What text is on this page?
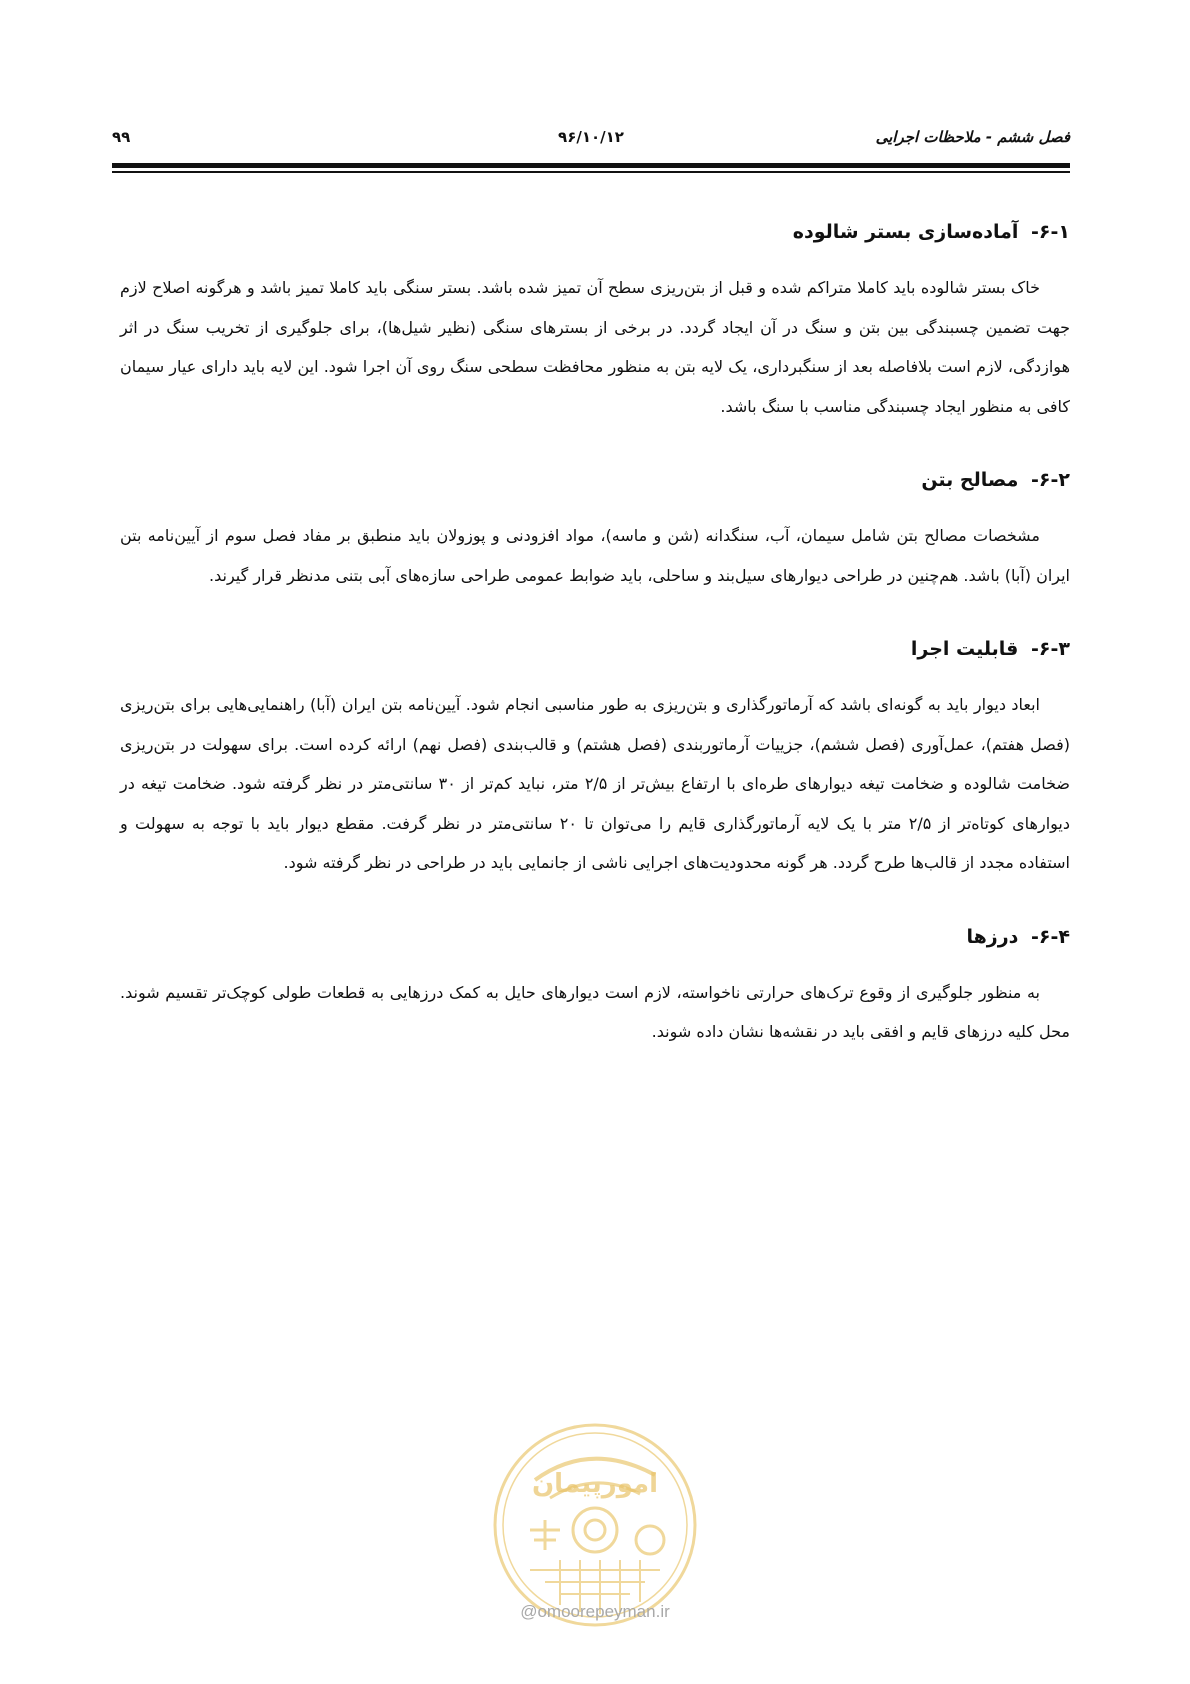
فصل ششم - ملاحظات اجرایی
۹۶/۱۰/۱۲
۹۹
۶-۱- آماده‌سازی بستر شالوده

خاک بستر شالوده باید کاملا متراکم شده و قبل از بتن‌ریزی سطح آن تمیز شده باشد. بستر سنگی باید کاملا تمیز باشد و هرگونه اصلاح لازم جهت تضمین چسبندگی بین بتن و سنگ در آن ایجاد گردد. در برخی از بسترهای سنگی (نظیر شیل‌ها)، برای جلوگیری از تخریب سنگ در اثر هوازدگی، لازم است بلافاصله بعد از سنگبرداری، یک لایه بتن به منظور محافظت سطحی سنگ روی آن اجرا شود. این لایه باید دارای عیار سیمان کافی به منظور ایجاد چسبندگی مناسب با سنگ باشد.

۶-۲- مصالح بتن

مشخصات مصالح بتن شامل سیمان، آب، سنگدانه (شن و ماسه)، مواد افزودنی و پوزولان باید منطبق بر مفاد فصل سوم از آیین‌نامه بتن ایران (آبا) باشد. هم‌چنین در طراحی دیوارهای سیل‌بند و ساحلی، باید ضوابط عمومی طراحی سازه‌های آبی بتنی مدنظر قرار گیرند.

۶-۳- قابلیت اجرا

ابعاد دیوار باید به گونه‌ای باشد که آرماتورگذاری و بتن‌ریزی به طور مناسبی انجام شود. آیین‌نامه بتن ایران (آبا) راهنمایی‌هایی برای بتن‌ریزی (فصل هفتم)، عمل‌آوری (فصل ششم)، جزییات آرماتوربندی (فصل هشتم) و قالب‌بندی (فصل نهم) ارائه کرده است. برای سهولت در بتن‌ریزی ضخامت شالوده و ضخامت تیغه دیوارهای طره‌ای با ارتفاع بیش‌تر از ۲/۵ متر، نباید کم‌تر از ۳۰ سانتی‌متر در نظر گرفته شود. ضخامت تیغه در دیوارهای کوتاه‌تر از ۲/۵ متر با یک لایه آرماتورگذاری قایم را می‌توان تا ۲۰ سانتی‌متر در نظر گرفت. مقطع دیوار باید با توجه به سهولت و استفاده مجدد از قالب‌ها طرح گردد. هر گونه محدودیت‌های اجرایی ناشی از جانمایی باید در طراحی در نظر گرفته شود.

۶-۴- درزها

به منظور جلوگیری از وقوع ترک‌های حرارتی ناخواسته، لازم است دیوارهای حایل به کمک درزهایی به قطعات طولی کوچک‌تر تقسیم شوند. محل کلیه درزهای قایم و افقی باید در نقشه‌ها نشان داده شوند.

امورپیمان
@omoorepeyman.ir
